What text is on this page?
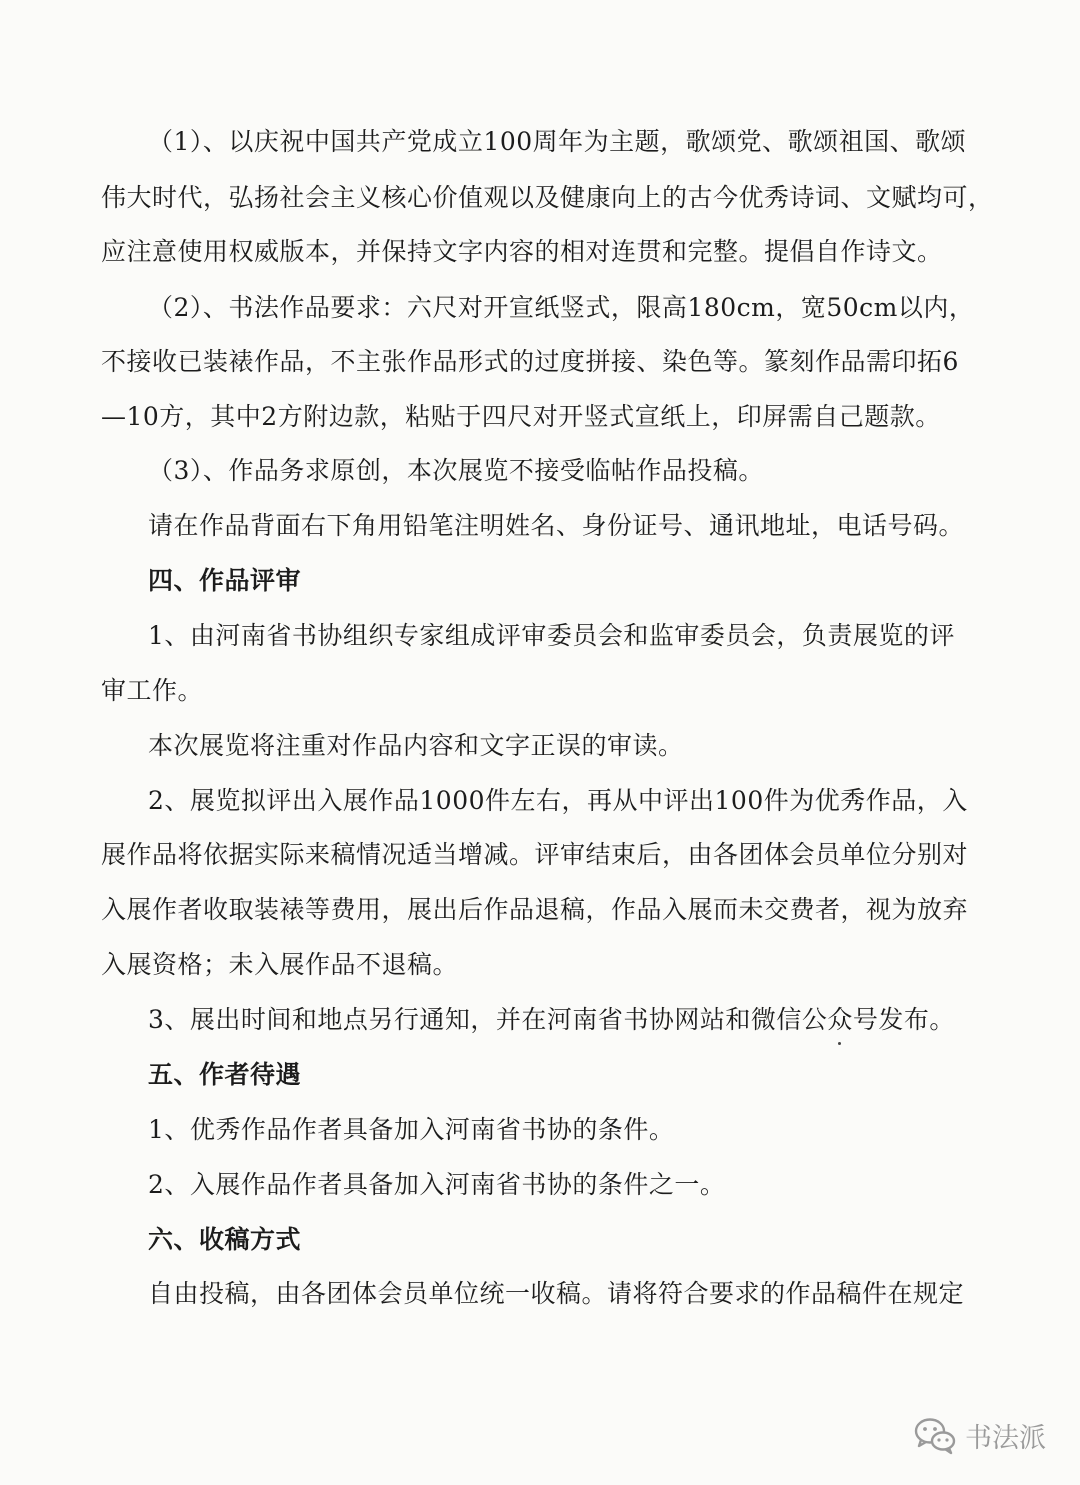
（1）、以庆祝中国共产党成立100周年为主题，歌颂党、歌颂祖国、歌颂
伟大时代，弘扬社会主义核心价值观以及健康向上的古今优秀诗词、文赋均可，
应注意使用权威版本，并保持文字内容的相对连贯和完整。提倡自作诗文。
（2）、书法作品要求：六尺对开宣纸竖式，限高180cm，宽50cm以内，
不接收已装裱作品，不主张作品形式的过度拼接、染色等。篆刻作品需印拓6
—10方，其中2方附边款，粘贴于四尺对开竖式宣纸上，印屏需自己题款。
（3）、作品务求原创，本次展览不接受临帖作品投稿。
请在作品背面右下角用铅笔注明姓名、身份证号、通讯地址，电话号码。
四、作品评审
1、由河南省书协组织专家组成评审委员会和监审委员会，负责展览的评
审工作。
本次展览将注重对作品内容和文字正误的审读。
2、展览拟评出入展作品1000件左右，再从中评出100件为优秀作品，入
展作品将依据实际来稿情况适当增减。评审结束后，由各团体会员单位分别对
入展作者收取装裱等费用，展出后作品退稿，作品入展而未交费者，视为放弃
入展资格；未入展作品不退稿。
3、展出时间和地点另行通知，并在河南省书协网站和微信公众号发布。
五、作者待遇
1、优秀作品作者具备加入河南省书协的条件。
2、入展作品作者具备加入河南省书协的条件之一。
六、收稿方式
自由投稿，由各团体会员单位统一收稿。请将符合要求的作品稿件在规定
书法派
